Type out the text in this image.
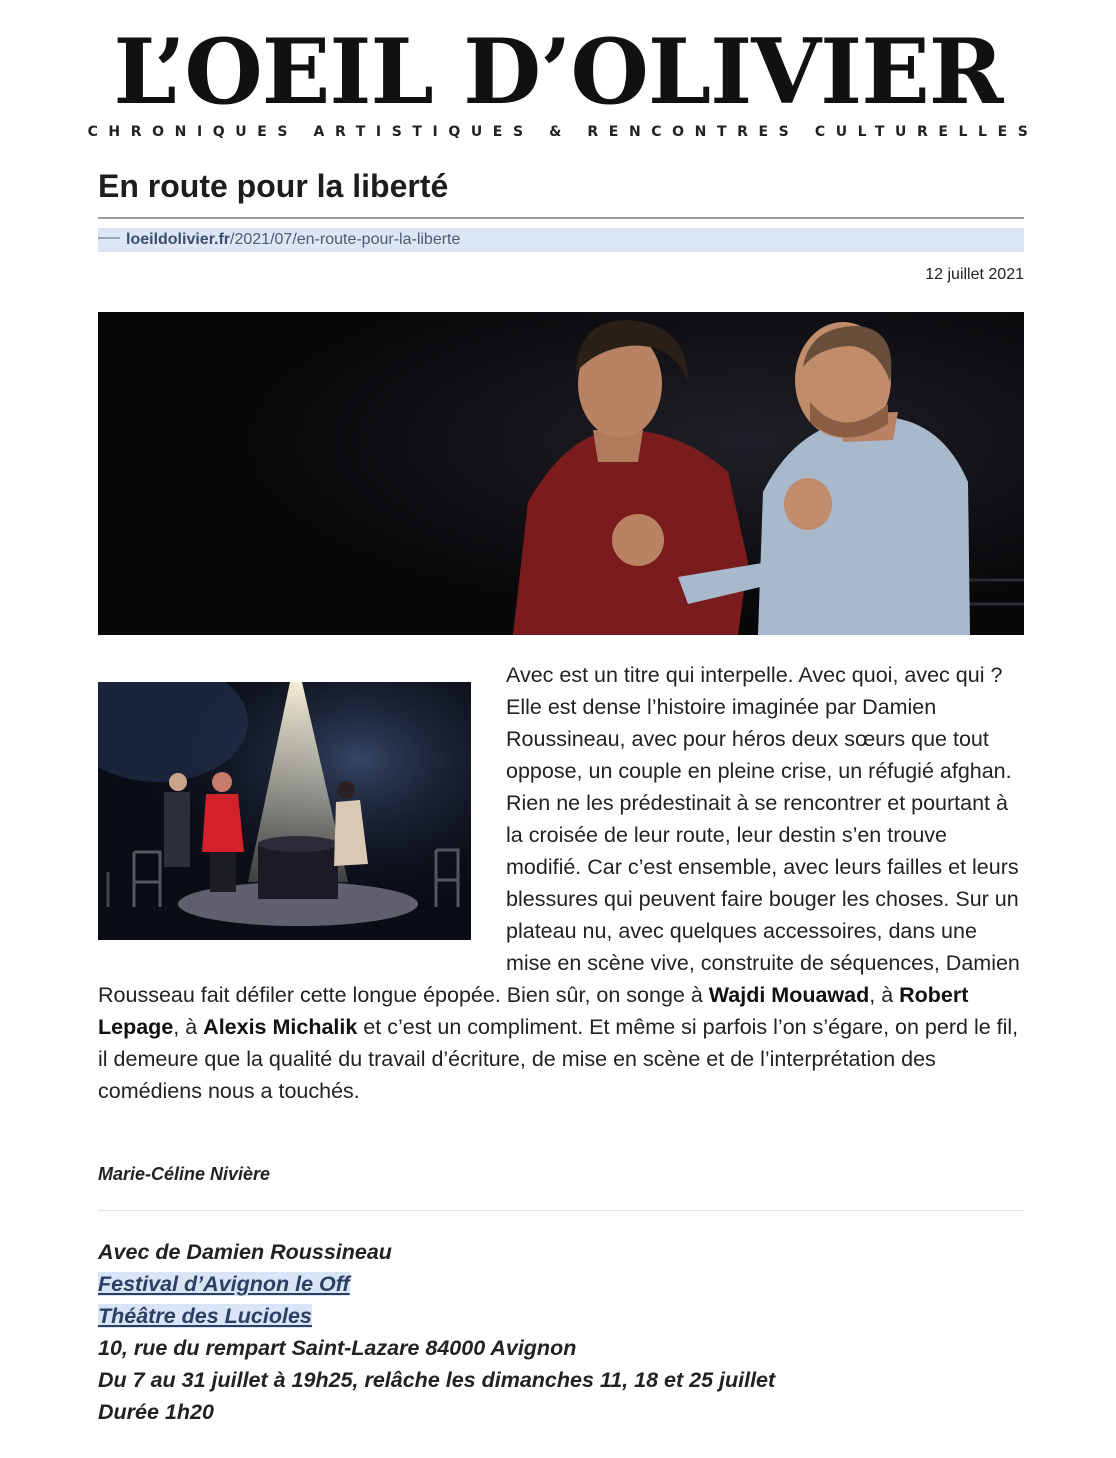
L’OEIL D’OLIVIER
CHRONIQUES ARTISTIQUES & RENCONTRES CULTURELLES
En route pour la liberté
loeildolivier.fr/2021/07/en-route-pour-la-liberte
12 juillet 2021

Avec est un titre qui interpelle. Avec quoi, avec qui ? Elle est dense l’histoire imaginée par Damien Roussineau, avec pour héros deux sœurs que tout oppose, un couple en pleine crise, un réfugié afghan. Rien ne les prédestinait à se rencontrer et pourtant à la croisée de leur route, leur destin s’en trouve modifié. Car c’est ensemble, avec leurs failles et leurs blessures qui peuvent faire bouger les choses. Sur un plateau nu, avec quelques accessoires, dans une mise en scène vive, construite de séquences, Damien Rousseau fait défiler cette longue épopée. Bien sûr, on songe à Wajdi Mouawad, à Robert Lepage, à Alexis Michalik et c’est un compliment. Et même si parfois l’on s’égare, on perd le fil, il demeure que la qualité du travail d’écriture, de mise en scène et de l’interprétation des comédiens nous a touchés.

Marie-Céline Nivière
Avec de Damien Roussineau
Festival d’Avignon le Off
Théâtre des Lucioles
10, rue du rempart Saint-Lazare 84000 Avignon
Du 7 au 31 juillet à 19h25, relâche les dimanches 11, 18 et 25 juillet
Durée 1h20
